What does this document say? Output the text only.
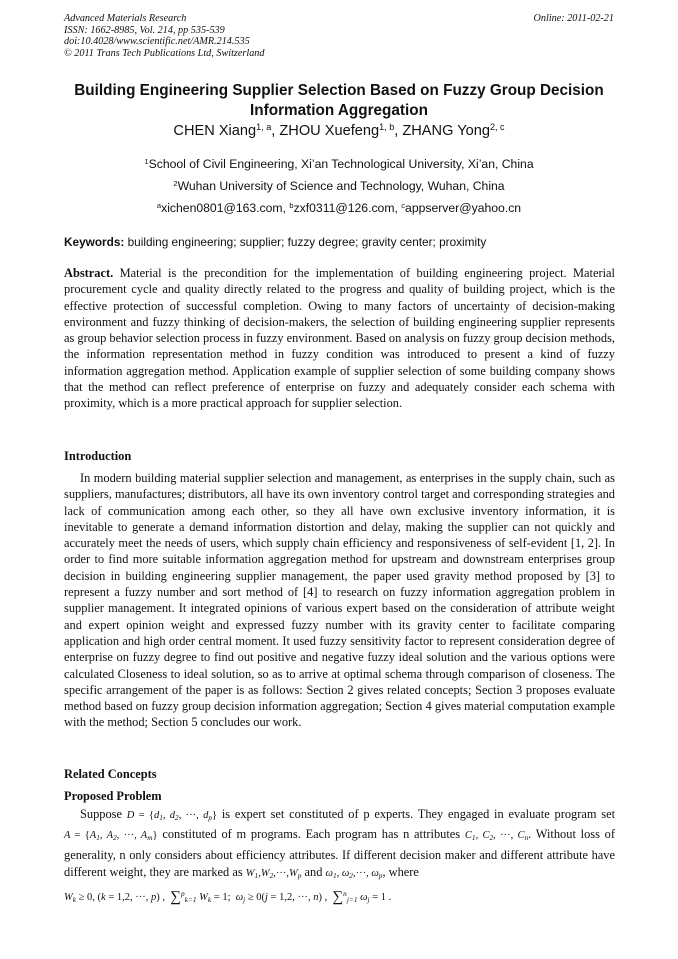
Advanced Materials Research
ISSN: 1662-8985, Vol. 214, pp 535-539
doi:10.4028/www.scientific.net/AMR.214.535
© 2011 Trans Tech Publications Ltd, Switzerland
Online: 2011-02-21
Building Engineering Supplier Selection Based on Fuzzy Group Decision Information Aggregation
CHEN Xiang$^{1, a}$, ZHOU Xuefeng$^{1, b}$, ZHANG Yong$^{2, c}$
$^1$School of Civil Engineering, Xi’an Technological University, Xi’an, China
$^2$Wuhan University of Science and Technology, Wuhan, China
$^a$xichen0801@163.com, $^b$zxf0311@126.com, $^c$appserver@yahoo.cn
Keywords: building engineering; supplier; fuzzy degree; gravity center; proximity
Abstract. Material is the precondition for the implementation of building engineering project. Material procurement cycle and quality directly related to the progress and quality of building project, which is the effective protection of successful completion. Owing to many factors of uncertainty of decision-making environment and fuzzy thinking of decision-makers, the selection of building engineering supplier represents as group behavior selection process in fuzzy environment. Based on analysis on fuzzy group decision methods, the information representation method in fuzzy condition was introduced to present a kind of fuzzy information aggregation method. Application example of supplier selection of some building company shows that the method can reflect preference of enterprise on fuzzy and adequately consider each schema with proximity, which is a more practical approach for supplier selection.
Introduction
In modern building material supplier selection and management, as enterprises in the supply chain, such as suppliers, manufactures; distributors, all have its own inventory control target and corresponding strategies and lack of communication among each other, so they all have own exclusive inventory information, it is inevitable to generate a demand information distortion and delay, making the supplier can not quickly and accurately meet the needs of users, which supply chain efficiency and responsiveness of self-evident [1, 2]. In order to find more suitable information aggregation method for upstream and downstream enterprises group decision in building engineering supplier management, the paper used gravity method proposed by [3] to represent a fuzzy number and sort method of [4] to research on fuzzy information aggregation problem in supplier management. It integrated opinions of various expert based on the consideration of attribute weight and expert opinion weight and expressed fuzzy number with its gravity center to facilitate comparing application and high order central moment. It used fuzzy sensitivity factor to represent consideration degree of enterprise on fuzzy degree to find out positive and negative fuzzy ideal solution and the various options were calculated Closeness to ideal solution, so as to arrive at optimal schema through comparison of closeness. The specific arrangement of the paper is as follows: Section 2 gives related concepts; Section 3 proposes evaluate method based on fuzzy group decision information aggregation; Section 4 gives material computation example with the method; Section 5 concludes our work.
Related Concepts
Proposed Problem
Suppose $D = \{d_1$, $d_2$, ···, $d_p$} is expert set constituted of p experts. They engaged in evaluate program set $A = \{A_1$, $A_2$, ···, $A_m$} constituted of m programs. Each program has n attributes $C_1$, $C_2$, ···, $C_n$. Without loss of generality, n only considers about efficiency attributes. If different decision maker and different attribute have different weight, they are marked as $W_1,W_2,\cdot\cdot\cdot,W_p$ and $\omega_1$, $\omega_2,\cdot\cdot\cdot$, $\omega_p$, where
$W_k \ge 0$, (k = 1,2, ···, p) ,  ∑$^p_{k=1}$ $W_k = 1$;  $\omega_j \ge 0(j = 1,2$, ···, n) ,  ∑$^n_{j=1}$ $\omega_j = 1$ .
